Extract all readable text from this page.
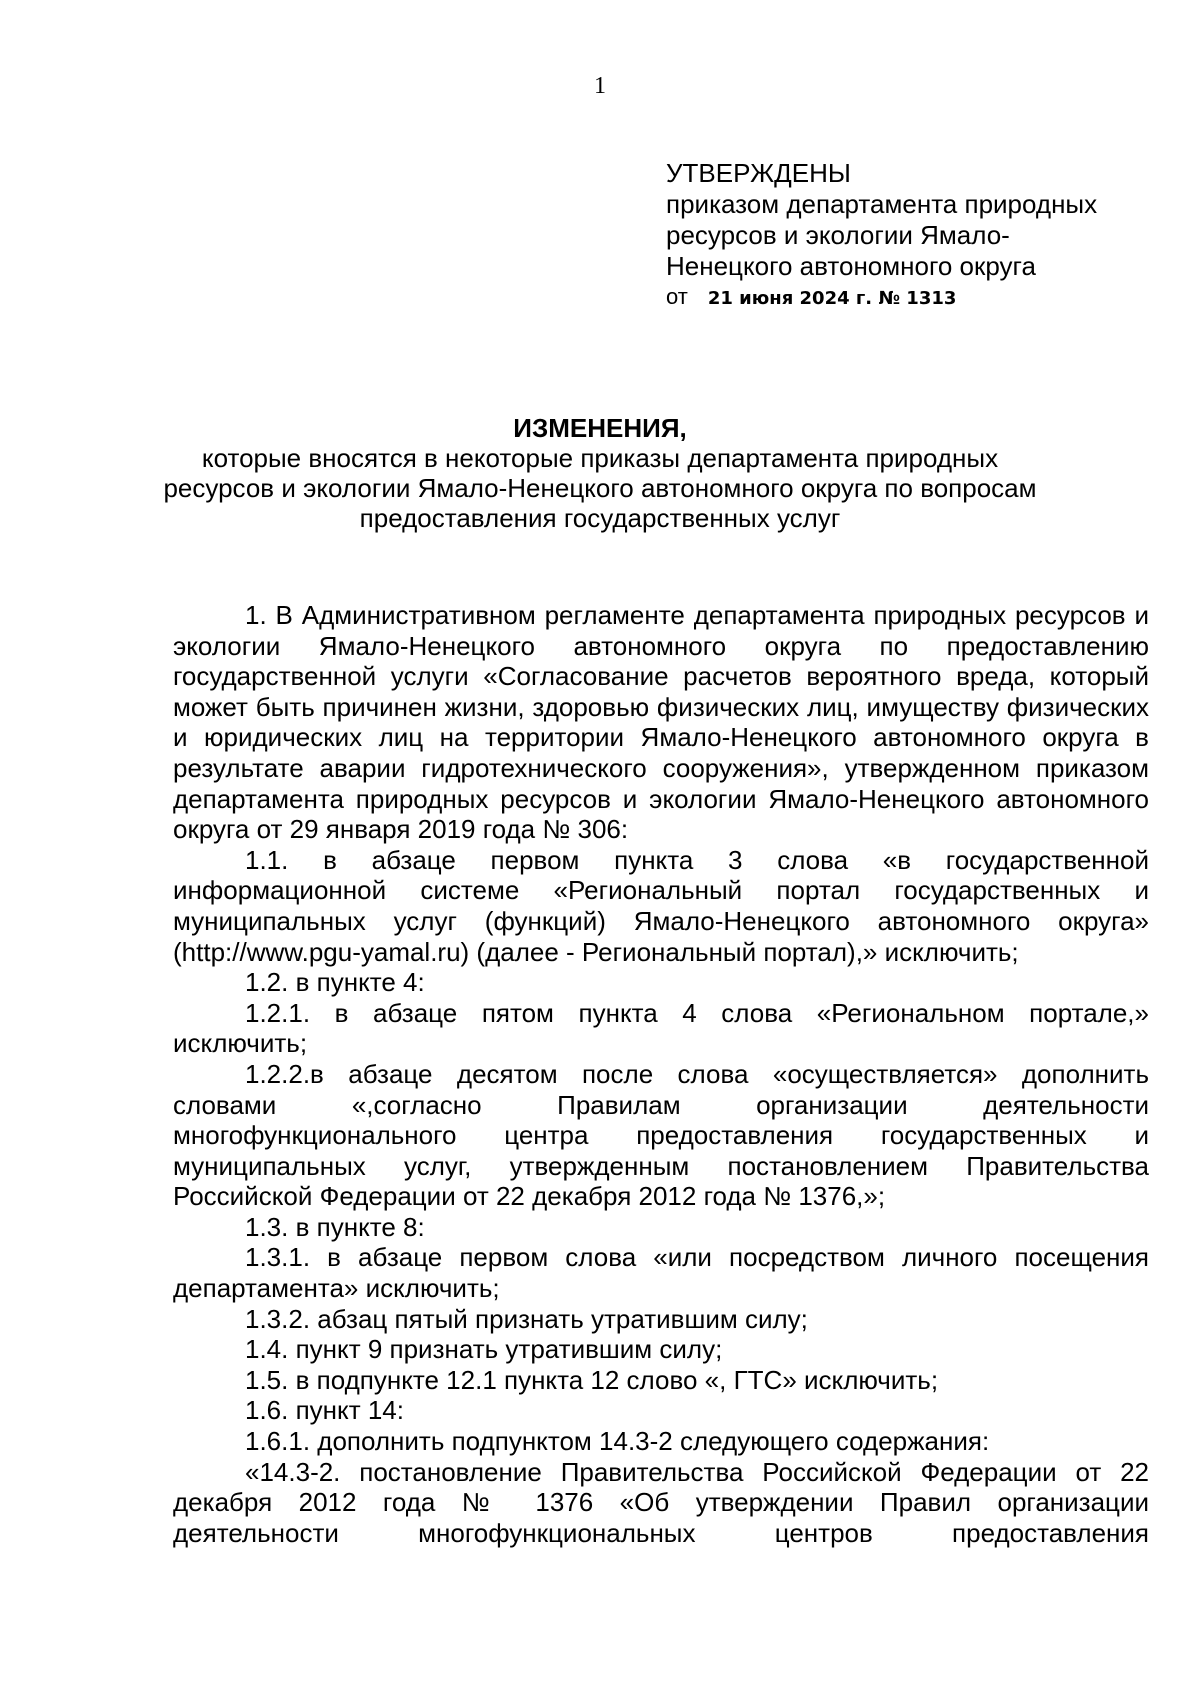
1
УТВЕРЖДЕНЫ
приказом департамента природных
ресурсов и экологии Ямало-
Ненецкого автономного округа
от 21 июня 2024 г. № 1313
ИЗМЕНЕНИЯ,
которые вносятся в некоторые приказы департамента природных
ресурсов и экологии Ямало-Ненецкого автономного округа по вопросам
предоставления государственных услуг

1. В Административном регламенте департамента природных ресурсов и экологии Ямало-Ненецкого автономного округа по предоставлению государственной услуги «Согласование расчетов вероятного вреда, который может быть причинен жизни, здоровью физических лиц, имуществу физических и юридических лиц на территории Ямало-Ненецкого автономного округа в результате аварии гидротехнического сооружения», утвержденном приказом департамента природных ресурсов и экологии Ямало-Ненецкого автономного округа от 29 января 2019 года № 306:

1.1. в абзаце первом пункта 3 слова «в государственной информационной системе «Региональный портал государственных и муниципальных услуг (функций) Ямало-Ненецкого автономного округа» (http://www.pgu-yamal.ru) (далее - Региональный портал),» исключить;

1.2. в пункте 4:

1.2.1. в абзаце пятом пункта 4 слова «Региональном портале,» исключить;

1.2.2.в абзаце десятом после слова «осуществляется» дополнить словами «,согласно Правилам организации деятельности многофункционального центра предоставления государственных и муниципальных услуг, утвержденным постановлением Правительства Российской Федерации от 22 декабря 2012 года № 1376,»;

1.3. в пункте 8:

1.3.1. в абзаце первом слова «или посредством личного посещения департамента» исключить;

1.3.2. абзац пятый признать утратившим силу;

1.4. пункт 9 признать утратившим силу;

1.5. в подпункте 12.1 пункта 12 слово «, ГТС» исключить;

1.6. пункт 14:

1.6.1. дополнить подпунктом 14.3-2 следующего содержания:

«14.3-2. постановление Правительства Российской Федерации от 22 декабря 2012 года № 1376 «Об утверждении Правил организации деятельности многофункциональных центров предоставления
